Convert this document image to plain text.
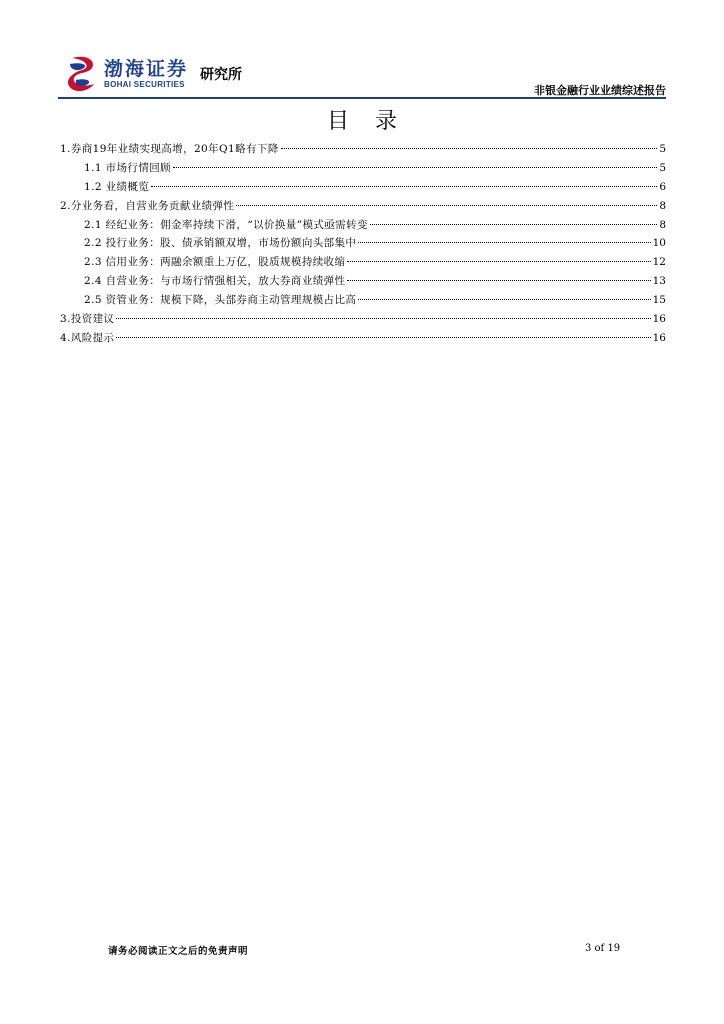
渤海证券
BOHAI SECURITIES
研究所
非银金融行业业绩综述报告
目录
1.券商19年业绩实现高增，20年Q1略有下降	5
1.1 市场行情回顾	5
1.2 业绩概览	6
2.分业务看，自营业务贡献业绩弹性	8
2.1 经纪业务：佣金率持续下滑，“以价换量”模式亟需转变	8
2.2 投行业务：股、债承销额双增，市场份额向头部集中	10
2.3 信用业务：两融余额重上万亿，股质规模持续收缩	12
2.4 自营业务：与市场行情强相关，放大券商业绩弹性	13
2.5 资管业务：规模下降，头部券商主动管理规模占比高	15
3.投资建议	16
4.风险提示	16
请务必阅读正文之后的免责声明	3 of 19
